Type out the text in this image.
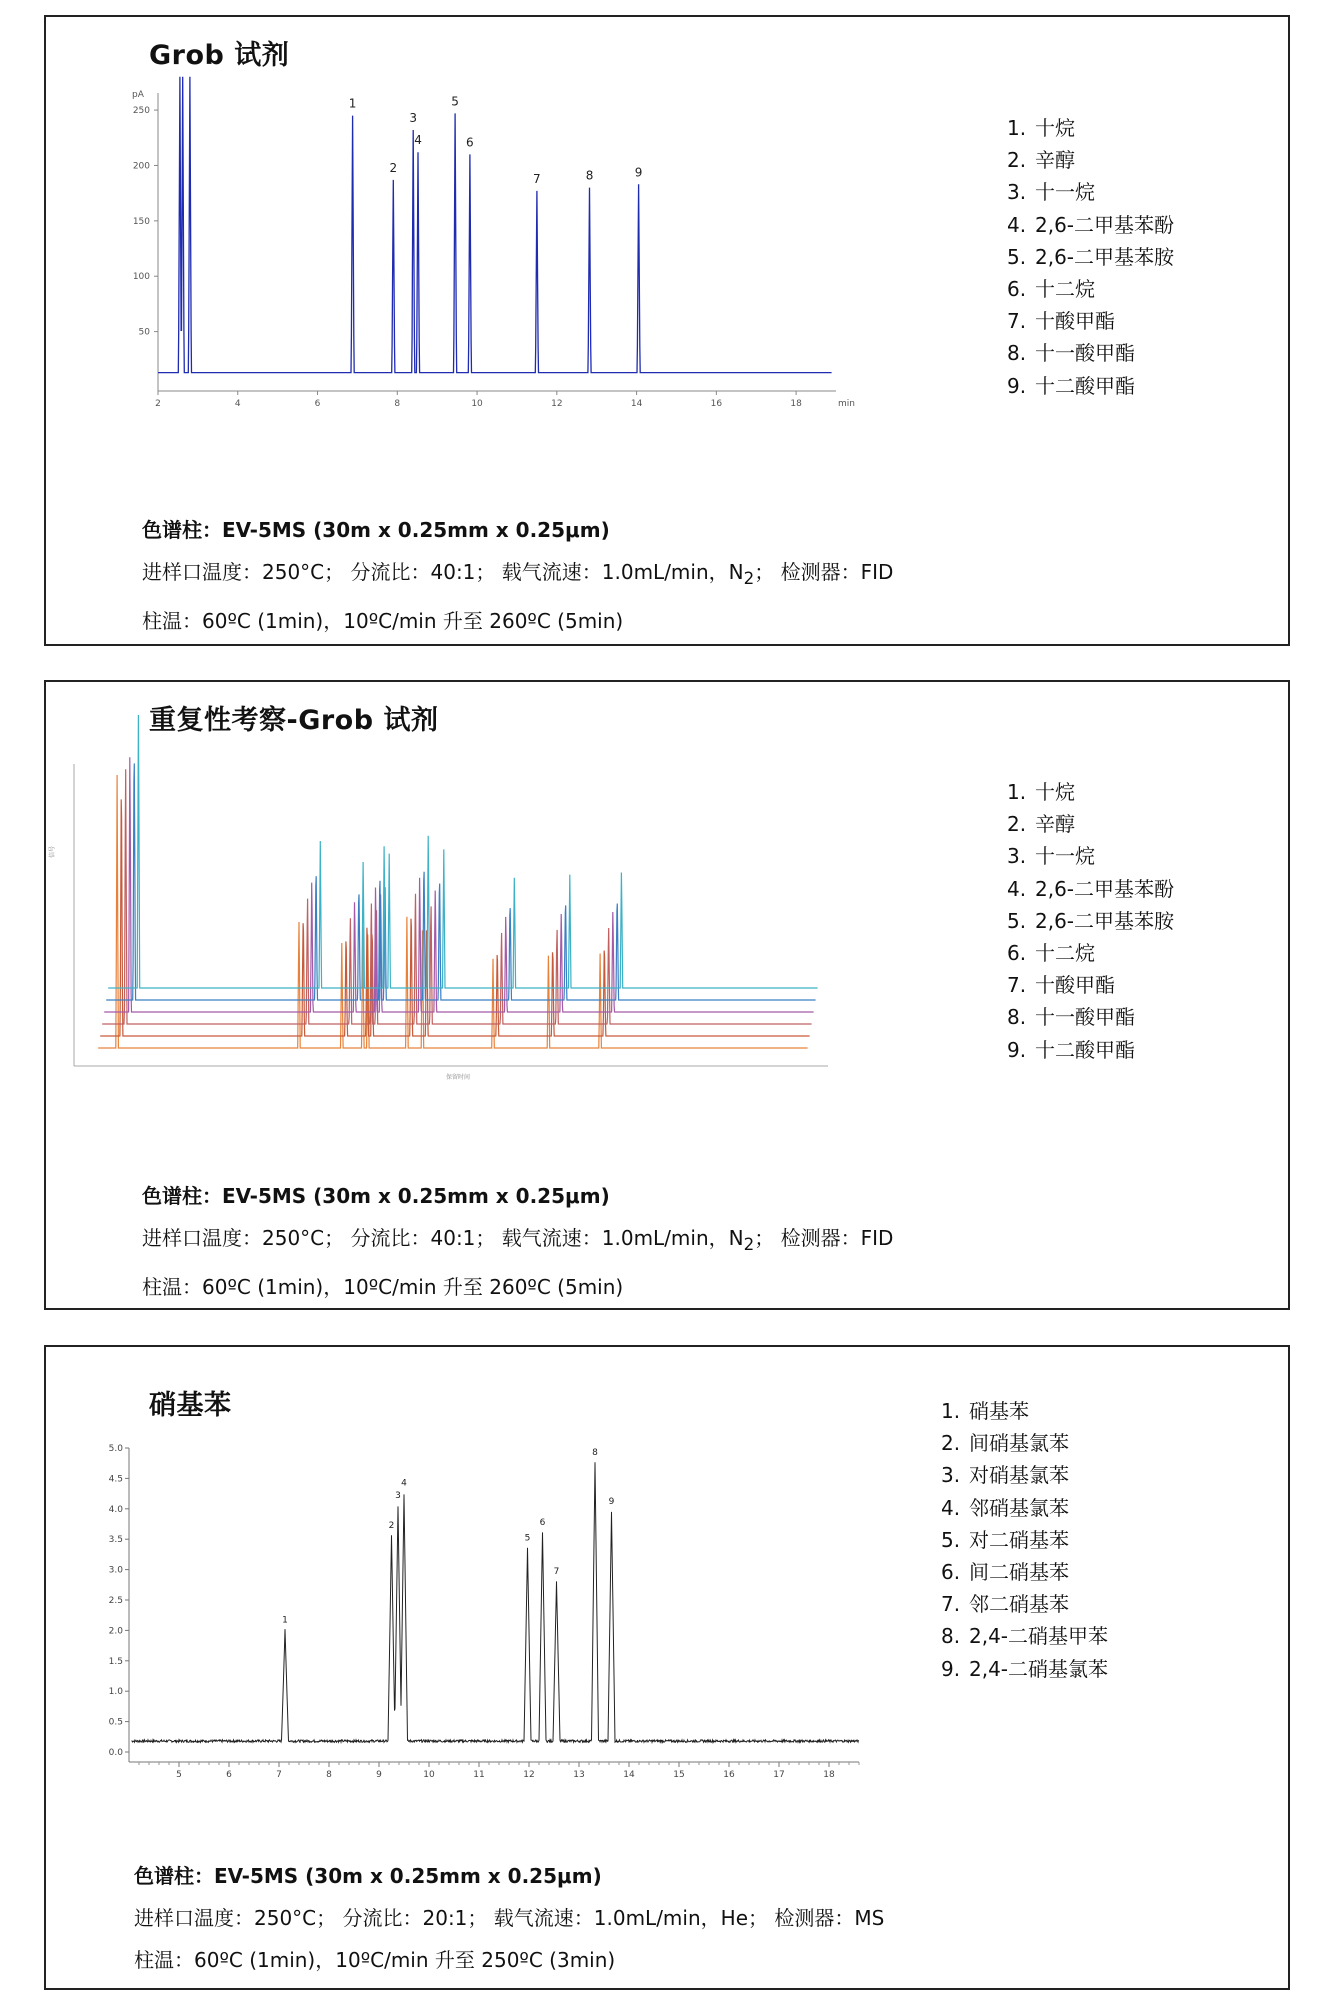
Grob 试剂
pA
50
100
150
200
250
2	4	6	8	10	12	14	16	18	min
1
2
3
4
5
6
7	8	9
1. 十烷
2. 辛醇
3. 十一烷
4. 2,6-二甲基苯酚
5. 2,6-二甲基苯胺
6. 十二烷
7. 十酸甲酯
8. 十一酸甲酯
9. 十二酸甲酯
色谱柱：EV-5MS (30m x 0.25mm x 0.25μm)
进样口温度：250°C； 分流比：40:1； 载气流速：1.0mL/min，$N_2$； 检测器：FID
柱温：60ºC (1min)，10ºC/min 升至 260ºC (5min)
重复性考察-Grob 试剂
信号
保留时间
1. 十烷
2. 辛醇
3. 十一烷
4. 2,6-二甲基苯酚
5. 2,6-二甲基苯胺
6. 十二烷
7. 十酸甲酯
8. 十一酸甲酯
9. 十二酸甲酯
色谱柱：EV-5MS (30m x 0.25mm x 0.25μm)
进样口温度：250°C； 分流比：40:1； 载气流速：1.0mL/min，$N_2$； 检测器：FID
柱温：60ºC (1min)，10ºC/min 升至 260ºC (5min)
硝基苯
0.0
0.5
1.0
1.5
2.0
2.5
3.0
3.5
4.0
4.5
5.0
5	6	7	8	9	10	11	12	13	14	15	16	17	18
1
2
3
4
5
6
7
8
9
1. 硝基苯
2. 间硝基氯苯
3. 对硝基氯苯
4. 邻硝基氯苯
5. 对二硝基苯
6. 间二硝基苯
7. 邻二硝基苯
8. 2,4-二硝基甲苯
9. 2,4-二硝基氯苯
色谱柱：EV-5MS (30m x 0.25mm x 0.25μm)
进样口温度：250°C； 分流比：20:1； 载气流速：1.0mL/min，He； 检测器：MS
柱温：60ºC (1min)，10ºC/min 升至 250ºC (3min)
